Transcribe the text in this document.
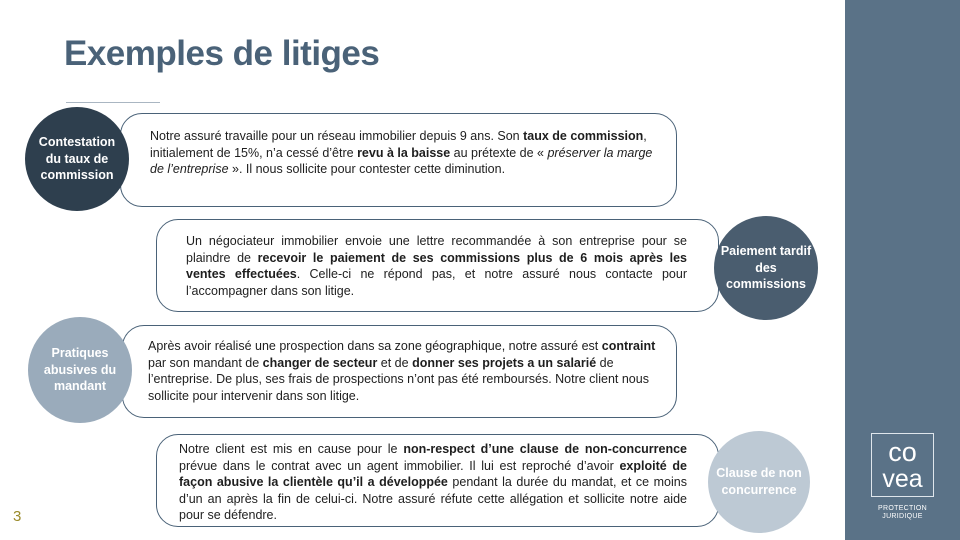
Exemples de litiges
Notre assuré travaille pour un réseau immobilier depuis 9 ans. Son taux de commission, initialement de 15%, n’a cessé d’être revu à la baisse au prétexte de « préserver la marge de l’entreprise ». Il nous sollicite pour contester cette diminution.
Contestation du taux de commission
Un négociateur immobilier envoie une lettre recommandée à son entreprise pour se plaindre de recevoir le paiement de ses commissions plus de 6 mois après les ventes effectuées. Celle-ci ne répond pas, et notre assuré nous contacte pour l’accompagner dans son litige.
Paiement tardif des commissions
Après avoir réalisé une prospection dans sa zone géographique, notre assuré est contraint par son mandant de changer de secteur et de donner ses projets a un salarié de l’entreprise. De plus, ses frais de prospections n’ont pas été remboursés. Notre client nous sollicite pour intervenir dans son litige.
Pratiques abusives du mandant
Notre client est mis en cause pour le non-respect d’une clause de non-concurrence prévue dans le contrat avec un agent immobilier. Il lui est reproché d’avoir exploité de façon abusive la clientèle qu’il a développée pendant la durée du mandat, et ce moins d’un an après la fin de celui-ci. Notre assuré réfute cette allégation et sollicite notre aide pour se défendre.
Clause de non concurrence
3
co
vea
PROTECTION
JURIDIQUE
